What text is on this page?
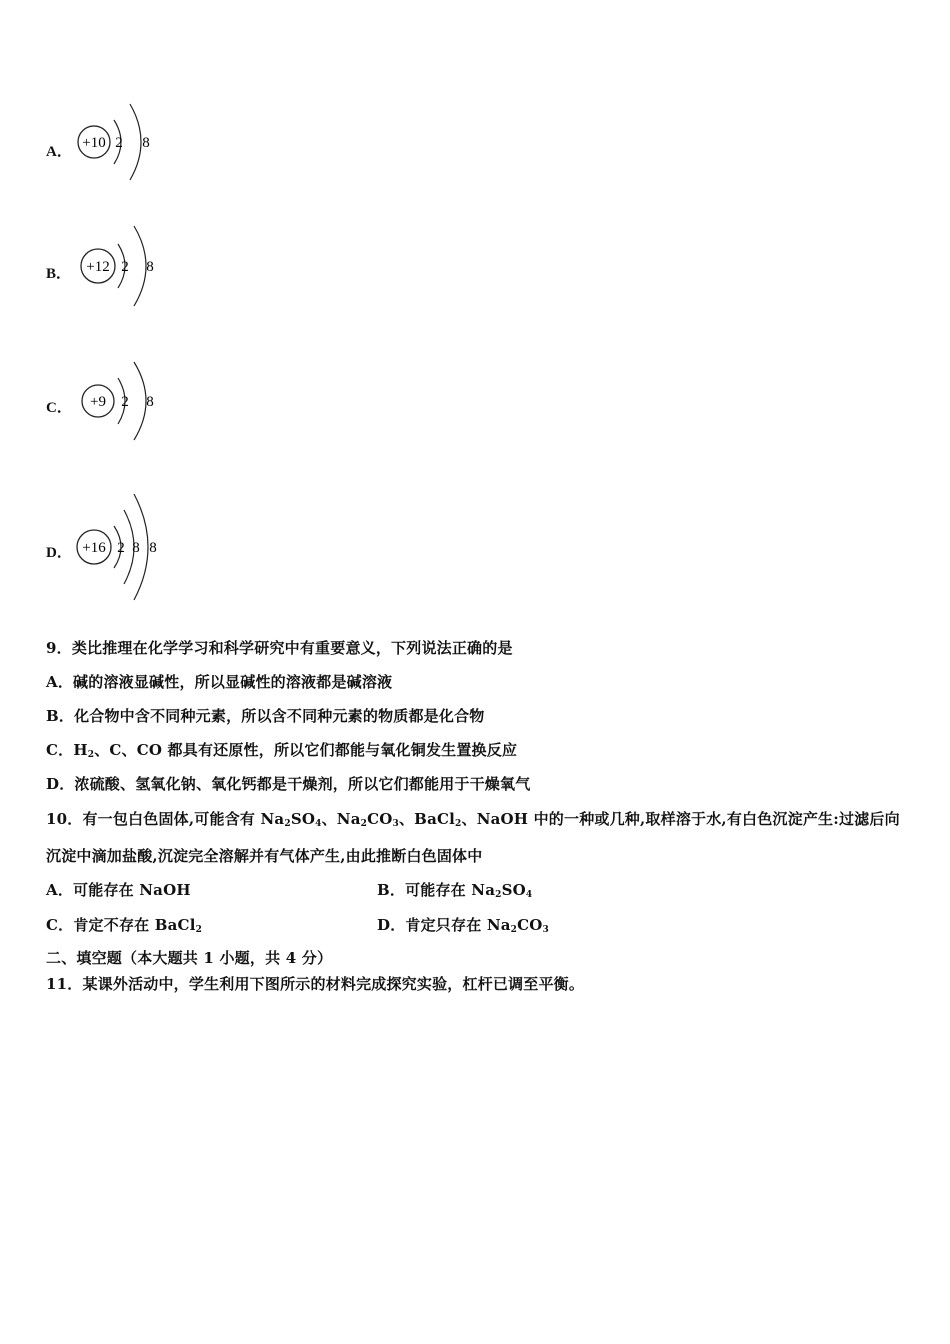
A．
+10 2 8
B． +12 2 8
C． +9 2 8
D． +16 2 8 8
9．类比推理在化学学习和科学研究中有重要意义，下列说法正确的是
A．碱的溶液显碱性，所以显碱性的溶液都是碱溶液
B．化合物中含不同种元素，所以含不同种元素的物质都是化合物
C．$H_2$、C、CO 都具有还原性，所以它们都能与氧化铜发生置换反应
D．浓硫酸、氢氧化钠、氧化钙都是干燥剂，所以它们都能用于干燥氧气
10．有一包白色固体,可能含有 $Na_2SO_4$、$Na_2CO_3$、BaCl$_2$、NaOH 中的一种或几种,取样溶于水,有白色沉淀产生:过滤后向
沉淀中滴加盐酸,沉淀完全溶解并有气体产生,由此推断白色固体中
A．可能存在 NaOH	B．可能存在 $Na_2SO_4$
C．肯定不存在 BaCl$_2$	D．肯定只存在 $Na_2CO_3$
二、填空题（本大题共 1 小题，共 4 分）
11．某课外活动中，学生利用下图所示的材料完成探究实验，杠杆已调至平衡。
